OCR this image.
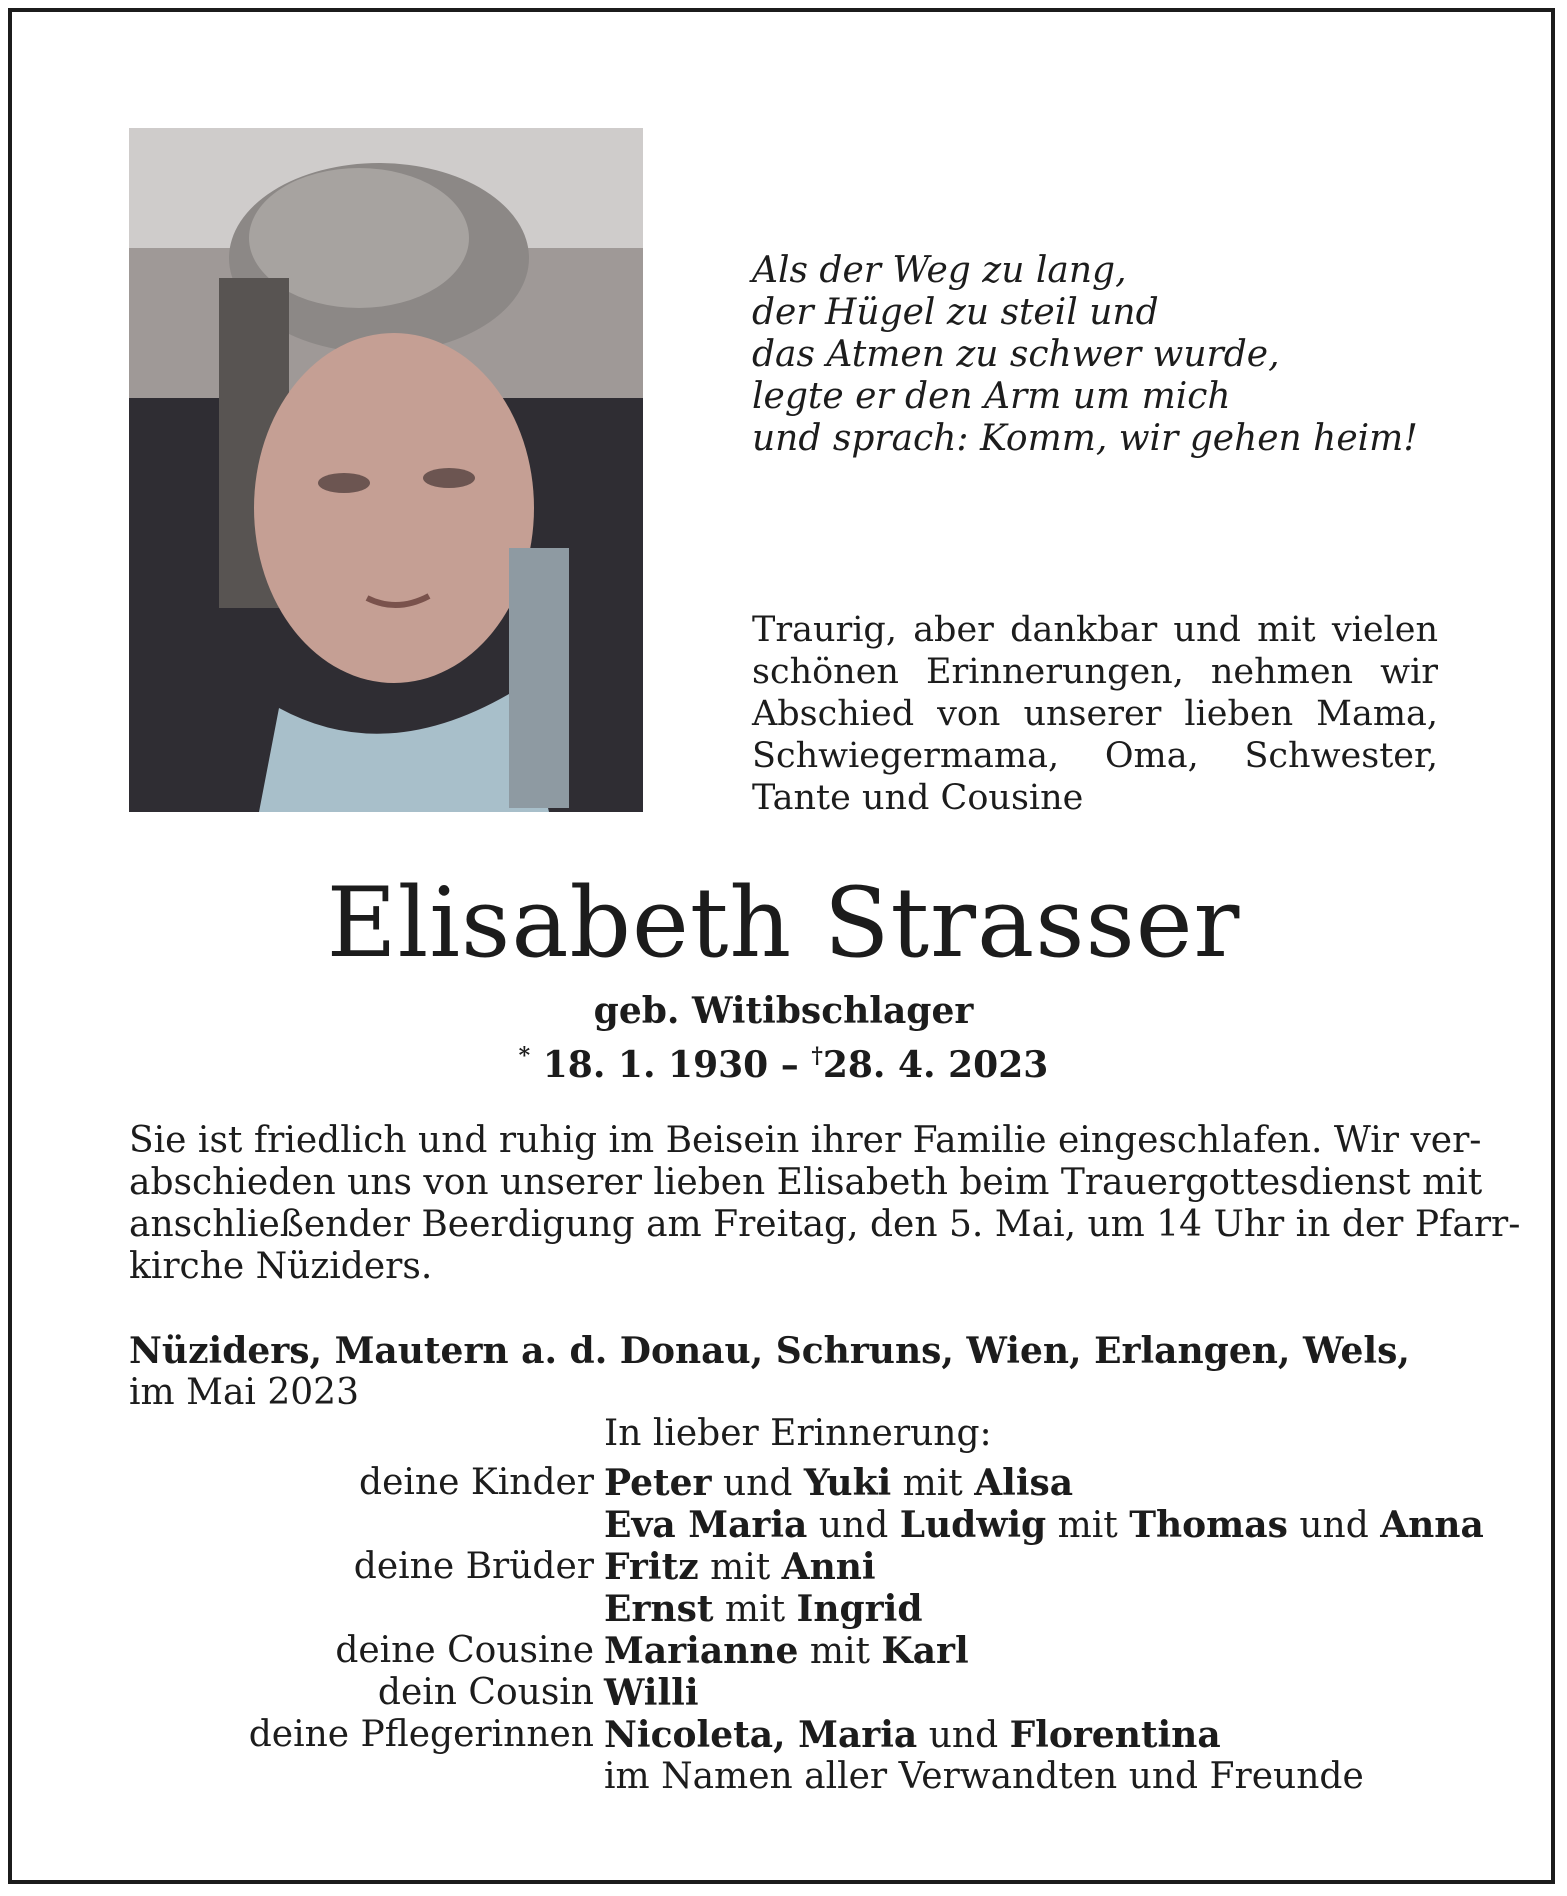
Als der Weg zu lang,
der Hügel zu steil und
das Atmen zu schwer wurde,
legte er den Arm um mich
und sprach: Komm, wir gehen heim!
Traurig, aber dankbar und mit vielen schönen Erinnerungen, nehmen wir Abschied von unserer lieben Mama, Schwiegermama, Oma, Schwester, Tante und Cousine
Elisabeth Strasser
geb. Witibschlager
* 18. 1. 1930 – †28. 4. 2023
Sie ist friedlich und ruhig im Beisein ihrer Familie eingeschlafen. Wir ver-
abschieden uns von unserer lieben Elisabeth beim Trauergottesdienst mit
anschließender Beerdigung am Freitag, den 5. Mai, um 14 Uhr in der Pfarr-
kirche Nüziders.
Nüziders, Mautern a. d. Donau, Schruns, Wien, Erlangen, Wels,
im Mai 2023
In lieber Erinnerung:
deine Kinder Peter und Yuki mit Alisa
Eva Maria und Ludwig mit Thomas und Anna
deine Brüder Fritz mit Anni
Ernst mit Ingrid
deine Cousine Marianne mit Karl
dein Cousin Willi
deine Pflegerinnen Nicoleta, Maria und Florentina
im Namen aller Verwandten und Freunde
